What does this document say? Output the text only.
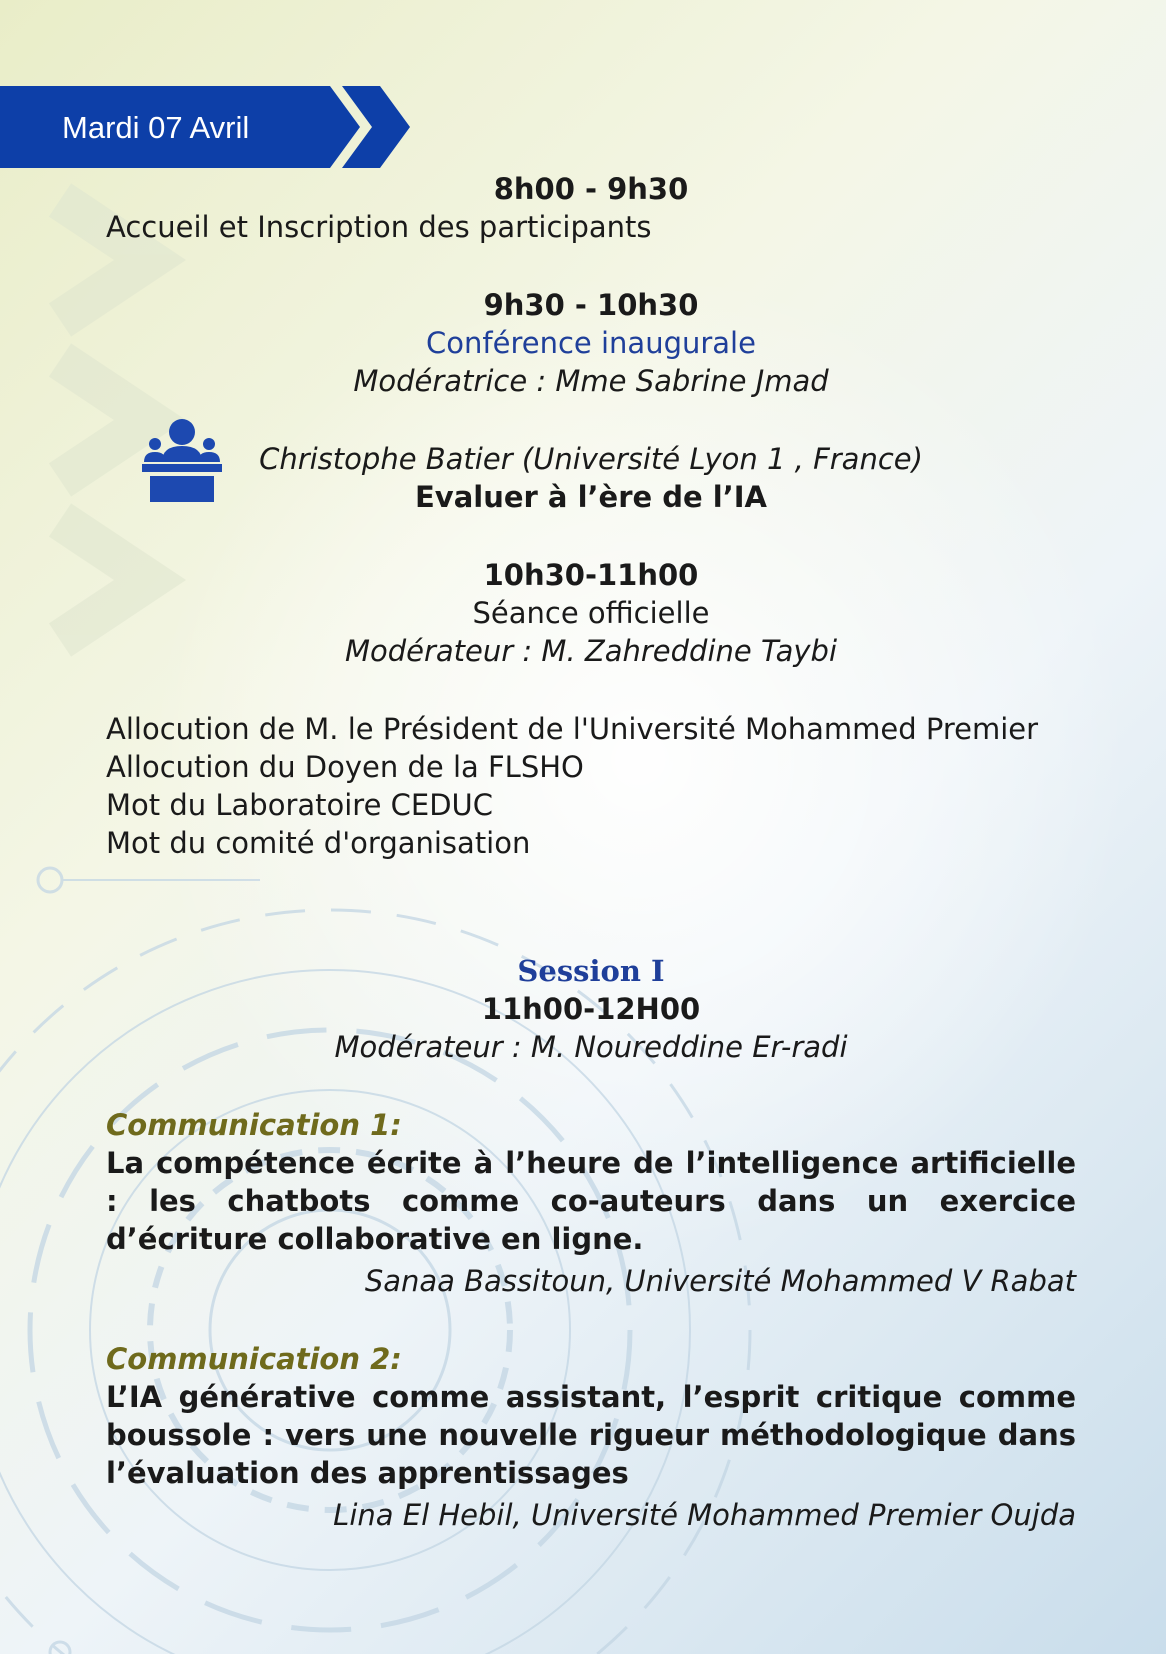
Mardi 07 Avril
8h00 - 9h30
Accueil et Inscription des participants
9h30 - 10h30
Conférence inaugurale
Modératrice : Mme Sabrine Jmad
Christophe Batier (Université Lyon 1 , France)
Evaluer à l’ère de l’IA
10h30-11h00
Séance officielle
Modérateur : M. Zahreddine Taybi
Allocution de M. le Président de l'Université Mohammed Premier
Allocution du Doyen de la FLSHO
Mot du Laboratoire CEDUC
Mot du comité d'organisation
Session I
11h00-12H00
Modérateur : M. Noureddine Er-radi
Communication 1:
La compétence écrite à l’heure de l’intelligence artificielle : les chatbots comme co-auteurs dans un exercice d’écriture collaborative en ligne.
Sanaa Bassitoun, Université Mohammed V Rabat
Communication 2:
L’IA générative comme assistant, l’esprit critique comme boussole : vers une nouvelle rigueur méthodologique dans l’évaluation des apprentissages
Lina El Hebil, Université Mohammed Premier Oujda
